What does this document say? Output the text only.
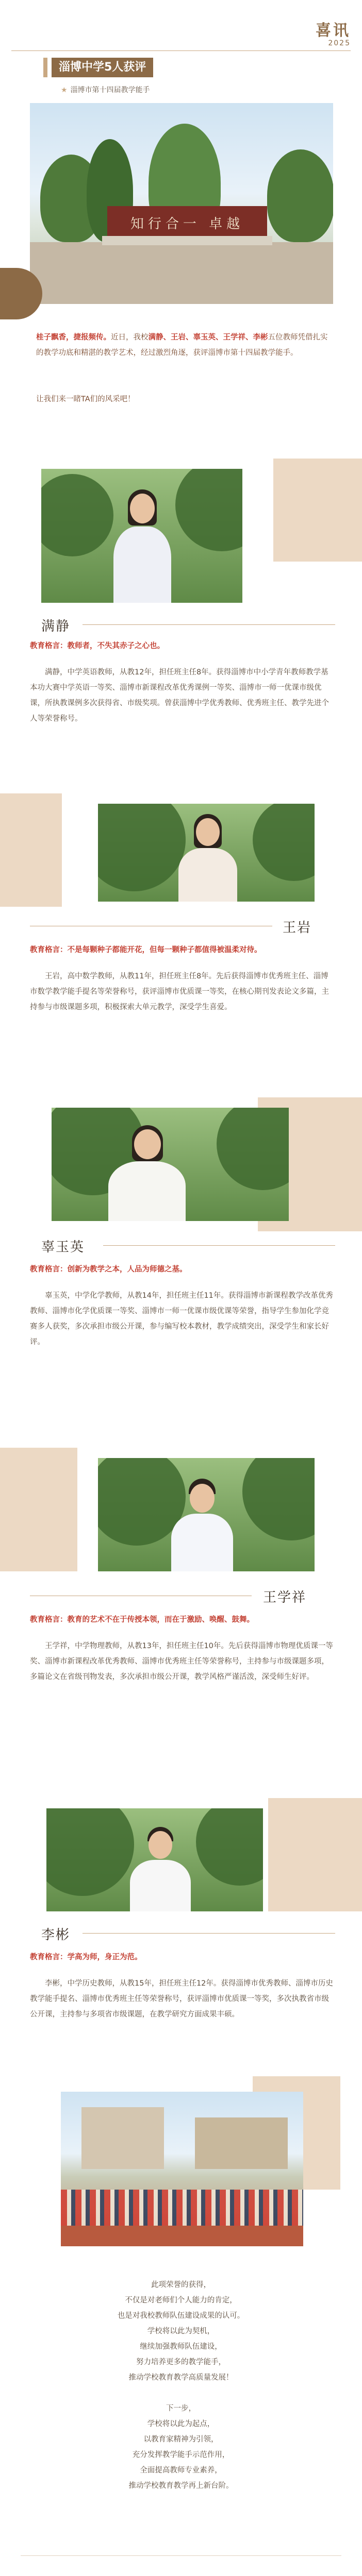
喜讯
2025
淄博中学5人获评
★ 淄博市第十四届教学能手
知行合一 卓越
桂子飘香，捷报频传。近日，我校满静、王岩、辜玉英、王学祥、李彬五位教师凭借扎实的教学功底和精湛的教学艺术，经过激烈角逐，获评淄博市第十四届教学能手。
让我们来一睹TA们的风采吧！
满静
教育格言：教师者，不失其赤子之心也。
满静，中学英语教师，从教12年，担任班主任8年。获得淄博市中小学青年教师教学基本功大赛中学英语一等奖、淄博市新课程改革优秀课例一等奖、淄博市一师一优课市级优课，所执教课例多次获得省、市级奖项。曾获淄博中学优秀教师、优秀班主任、教学先进个人等荣誉称号。
王岩
教育格言：不是每颗种子都能开花，但每一颗种子都值得被温柔对待。
王岩，高中数学教师，从教11年，担任班主任8年。先后获得淄博市优秀班主任、淄博市数学教学能手提名等荣誉称号，获评淄博市优质课一等奖，在核心期刊发表论文多篇，主持参与市级课题多项，积极探索大单元教学，深受学生喜爱。
辜玉英
教育格言：创新为教学之本，人品为师德之基。
辜玉英，中学化学教师，从教14年，担任班主任11年。获得淄博市新课程教学改革优秀教师、淄博市化学优质课一等奖、淄博市一师一优课市级优课等荣誉，指导学生参加化学竞赛多人获奖，多次承担市级公开课，参与编写校本教材，教学成绩突出，深受学生和家长好评。
王学祥
教育格言：教育的艺术不在于传授本领，而在于激励、唤醒、鼓舞。
王学祥，中学物理教师，从教13年，担任班主任10年。先后获得淄博市物理优质课一等奖、淄博市新课程改革优秀教师、淄博市优秀班主任等荣誉称号，主持参与市级课题多项，多篇论文在省级刊物发表，多次承担市级公开课，教学风格严谨活泼，深受师生好评。
李彬
教育格言：学高为师，身正为范。
李彬，中学历史教师，从教15年，担任班主任12年。获得淄博市优秀教师、淄博市历史教学能手提名、淄博市优秀班主任等荣誉称号，获评淄博市优质课一等奖，多次执教省市级公开课，主持参与多项省市级课题，在教学研究方面成果丰硕。
此项荣誉的获得，
不仅是对老师们个人能力的肯定，
也是对我校教师队伍建设成果的认可。
学校将以此为契机，
继续加强教师队伍建设，
努力培养更多的教学能手，
推动学校教育教学高质量发展！

下一步，
学校将以此为起点，
以教育家精神为引领，
充分发挥教学能手示范作用，
全面提高教师专业素养，
推动学校教育教学再上新台阶。
